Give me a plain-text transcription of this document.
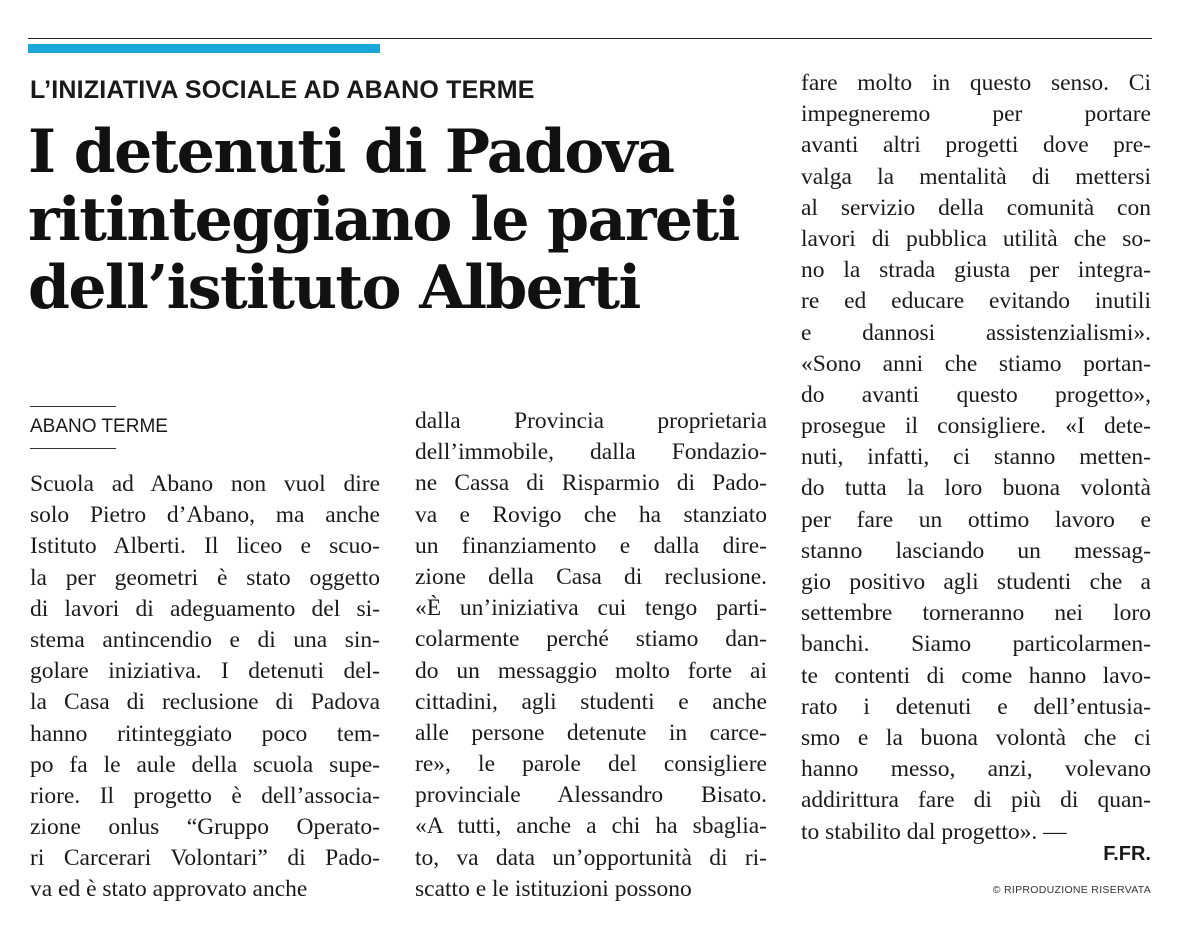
L’INIZIATIVA SOCIALE AD ABANO TERME
I detenuti di Padova
ritinteggiano le pareti
dell’istituto Alberti
ABANO TERME
Scuola ad Abano non vuol dire
solo Pietro d’Abano, ma anche
Istituto Alberti. Il liceo e scuo-
la per geometri è stato oggetto
di lavori di adeguamento del si-
stema antincendio e di una sin-
golare iniziativa. I detenuti del-
la Casa di reclusione di Padova
hanno ritinteggiato poco tem-
po fa le aule della scuola supe-
riore. Il progetto è dell’associa-
zione onlus “Gruppo Operato-
ri Carcerari Volontari” di Pado-
va ed è stato approvato anche
dalla Provincia proprietaria
dell’immobile, dalla Fondazio-
ne Cassa di Risparmio di Pado-
va e Rovigo che ha stanziato
un finanziamento e dalla dire-
zione della Casa di reclusione.
«È un’iniziativa cui tengo parti-
colarmente perché stiamo dan-
do un messaggio molto forte ai
cittadini, agli studenti e anche
alle persone detenute in carce-
re», le parole del consigliere
provinciale Alessandro Bisato.
«A tutti, anche a chi ha sbaglia-
to, va data un’opportunità di ri-
scatto e le istituzioni possono
fare molto in questo senso. Ci
impegneremo per portare
avanti altri progetti dove pre-
valga la mentalità di mettersi
al servizio della comunità con
lavori di pubblica utilità che so-
no la strada giusta per integra-
re ed educare evitando inutili
e dannosi assistenzialismi».
«Sono anni che stiamo portan-
do avanti questo progetto»,
prosegue il consigliere. «I dete-
nuti, infatti, ci stanno metten-
do tutta la loro buona volontà
per fare un ottimo lavoro e
stanno lasciando un messag-
gio positivo agli studenti che a
settembre torneranno nei loro
banchi. Siamo particolarmen-
te contenti di come hanno lavo-
rato i detenuti e dell’entusia-
smo e la buona volontà che ci
hanno messo, anzi, volevano
addirittura fare di più di quan-
to stabilito dal progetto». —
F.FR.
© RIPRODUZIONE RISERVATA
